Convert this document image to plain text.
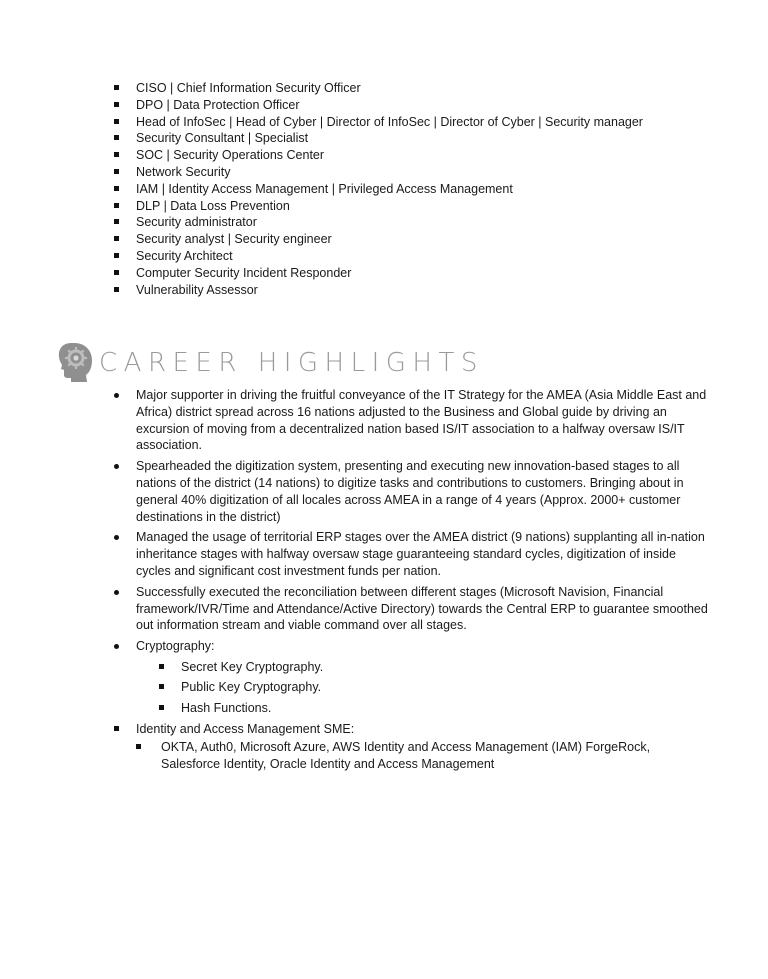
CISO | Chief Information Security Officer
DPO | Data Protection Officer
Head of InfoSec | Head of Cyber | Director of InfoSec | Director of Cyber | Security manager
Security Consultant | Specialist
SOC | Security Operations Center
Network Security
IAM | Identity Access Management | Privileged Access Management
DLP | Data Loss Prevention
Security administrator
Security analyst | Security engineer
Security Architect
Computer Security Incident Responder
Vulnerability Assessor
CAREER HIGHLIGHTS
Major supporter in driving the fruitful conveyance of the IT Strategy for the AMEA (Asia Middle East and Africa) district spread across 16 nations adjusted to the Business and Global guide by driving an excursion of moving from a decentralized nation based IS/IT association to a halfway oversaw IS/IT association.
Spearheaded the digitization system, presenting and executing new innovation-based stages to all nations of the district (14 nations) to digitize tasks and contributions to customers. Bringing about in general 40% digitization of all locales across AMEA in a range of 4 years (Approx. 2000+ customer destinations in the district)
Managed the usage of territorial ERP stages over the AMEA district (9 nations) supplanting all in-nation inheritance stages with halfway oversaw stage guaranteeing standard cycles, digitization of inside cycles and significant cost investment funds per nation.
Successfully executed the reconciliation between different stages (Microsoft Navision, Financial framework/IVR/Time and Attendance/Active Directory) towards the Central ERP to guarantee smoothed out information stream and viable command over all stages.
Cryptography:
Secret Key Cryptography.
Public Key Cryptography.
Hash Functions.
Identity and Access Management SME:
OKTA, Auth0, Microsoft Azure, AWS Identity and Access Management (IAM) ForgeRock, Salesforce Identity, Oracle Identity and Access Management
